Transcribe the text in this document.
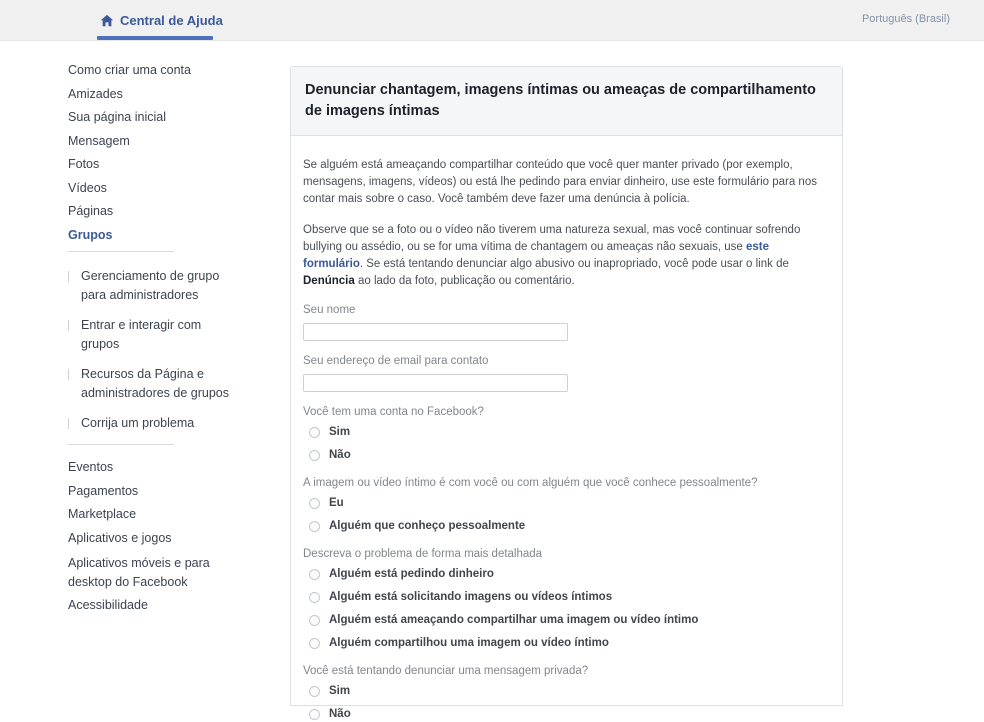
Central de Ajuda	Português (Brasil)
Como criar uma conta
Amizades
Sua página inicial
Mensagem
Fotos
Vídeos
Páginas
Grupos
Gerenciamento de grupo para administradores
Entrar e interagir com grupos
Recursos da Página e administradores de grupos
Corrija um problema
Eventos
Pagamentos
Marketplace
Aplicativos e jogos
Aplicativos móveis e para desktop do Facebook
Acessibilidade
Denunciar chantagem, imagens íntimas ou ameaças de compartilhamento de imagens íntimas

Se alguém está ameaçando compartilhar conteúdo que você quer manter privado (por exemplo, mensagens, imagens, vídeos) ou está lhe pedindo para enviar dinheiro, use este formulário para nos contar mais sobre o caso. Você também deve fazer uma denúncia à polícia.

Observe que se a foto ou o vídeo não tiverem uma natureza sexual, mas você continuar sofrendo bullying ou assédio, ou se for uma vítima de chantagem ou ameaças não sexuais, use este formulário. Se está tentando denunciar algo abusivo ou inapropriado, você pode usar o link de Denúncia ao lado da foto, publicação ou comentário.

Seu nome
Seu endereço de email para contato
Você tem uma conta no Facebook?
Sim
Não
A imagem ou vídeo íntimo é com você ou com alguém que você conhece pessoalmente?
Eu
Alguém que conheço pessoalmente
Descreva o problema de forma mais detalhada
Alguém está pedindo dinheiro
Alguém está solicitando imagens ou vídeos íntimos
Alguém está ameaçando compartilhar uma imagem ou vídeo íntimo
Alguém compartilhou uma imagem ou vídeo íntimo
Você está tentando denunciar uma mensagem privada?
Sim
Não
